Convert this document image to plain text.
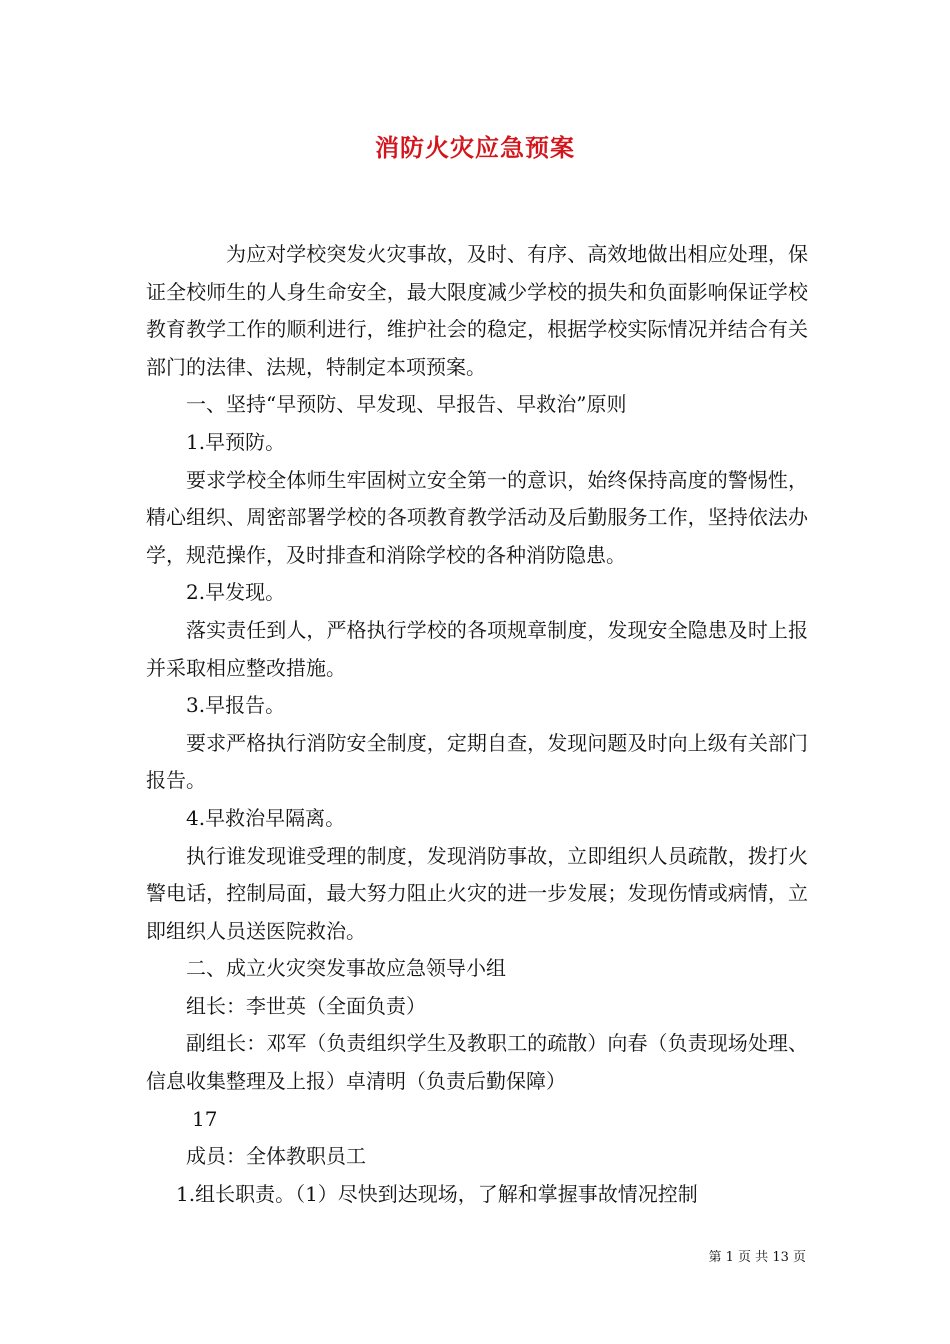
消防火灾应急预案

为应对学校突发火灾事故，及时、有序、高效地做出相应处理，保证全校师生的人身生命安全，最大限度减少学校的损失和负面影响保证学校教育教学工作的顺利进行，维护社会的稳定，根据学校实际情况并结合有关部门的法律、法规，特制定本项预案。

一、坚持“早预防、早发现、早报告、早救治”原则

1.早预防。

要求学校全体师生牢固树立安全第一的意识，始终保持高度的警惕性，精心组织、周密部署学校的各项教育教学活动及后勤服务工作，坚持依法办学，规范操作，及时排查和消除学校的各种消防隐患。

2.早发现。

落实责任到人，严格执行学校的各项规章制度，发现安全隐患及时上报并采取相应整改措施。

3.早报告。

要求严格执行消防安全制度，定期自查，发现问题及时向上级有关部门报告。

4.早救治早隔离。

执行谁发现谁受理的制度，发现消防事故，立即组织人员疏散，拨打火警电话，控制局面，最大努力阻止火灾的进一步发展；发现伤情或病情，立即组织人员送医院救治。

二、成立火灾突发事故应急领导小组

组长：李世英（全面负责）

副组长：邓军（负责组织学生及教职工的疏散）向春（负责现场处理、信息收集整理及上报）卓清明（负责后勤保障）

17

成员：全体教职员工

1.组长职责。（1）尽快到达现场，了解和掌握事故情况控制

第 1 页 共 13 页
